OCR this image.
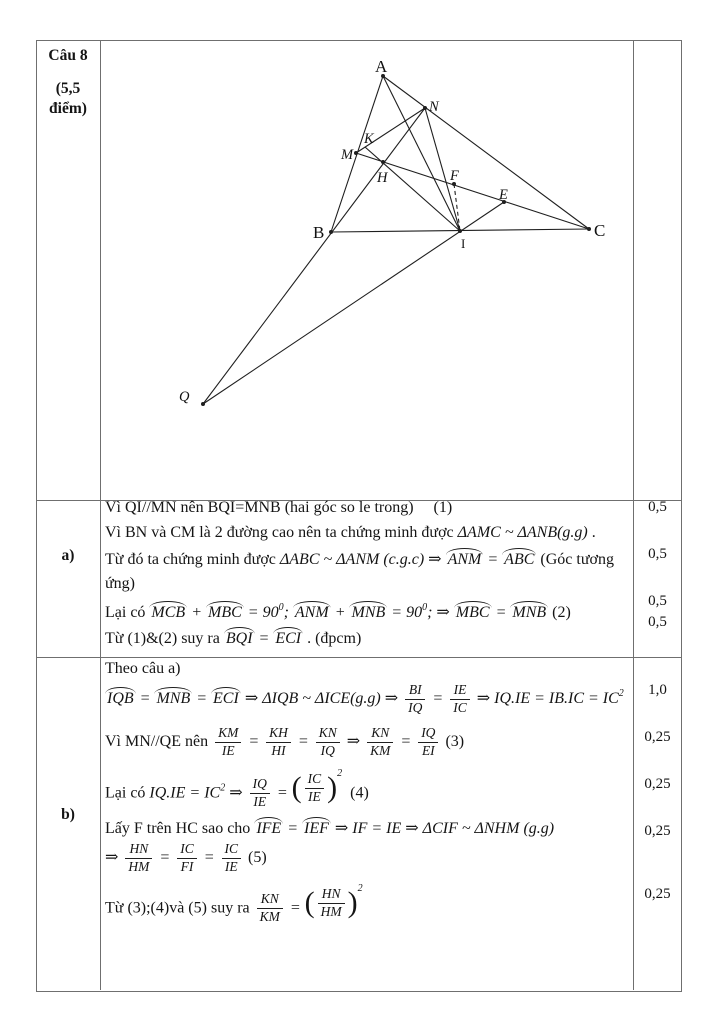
Câu 8
(5,5
điểm)
a)
b)
A
B	C
M
N
K
H	F
E
I
Q
Vì QI//MN nên BQI=MNB (hai góc so le trong)     (1)
Vì BN và CM là 2 đường cao nên ta chứng minh được ΔAMC ~ ΔANB(g.g) .
Từ đó ta chứng minh được ΔABC ~ ΔANM (c.g.c) ⇒ ANM = ABC (Góc tương
ứng)
Lại có MCB + MBC = $90^0$; ANM + MNB = $90^0$; ⇒ MBC = MNB (2)
Từ (1)&(2) suy ra BQI = ECI . (đpcm)
Theo câu a)
IQB = MNB = ECI ⇒ ΔIQB ~ ΔICE(g.g) ⇒ $\frac{BI}{IQ} = \frac{IE}{IC}$ ⇒ $IQ.IE = IB.IC = IC^2$
Vì MN//QE nên $\frac{KM}{IE} = \frac{KH}{HI} = \frac{KN}{IQ}$ ⇒ $\frac{KN}{KM} = \frac{IQ}{EI} (3)$
Lại có $IQ.IE = IC^2$ ⇒ $\frac{IQ}{IE}$ = ( $\frac{IC}{IE}$ ) 2
(4)
Lấy F trên HC sao cho IFE = IEF ⇒ IF = IE ⇒ ΔCIF ~ ΔNHM (g.g)
⇒ $\frac{HN}{HM} = \frac{IC}{FI} = \frac{IC}{IE} (5)$
Từ (3);(4)và (5) suy ra $\frac{KN}{KM}$ = ( $\frac{HN}{HM}$ ) 2
0,5
0,5
0,5
0,5
1,0
0,25
0,25
0,25
0,25
